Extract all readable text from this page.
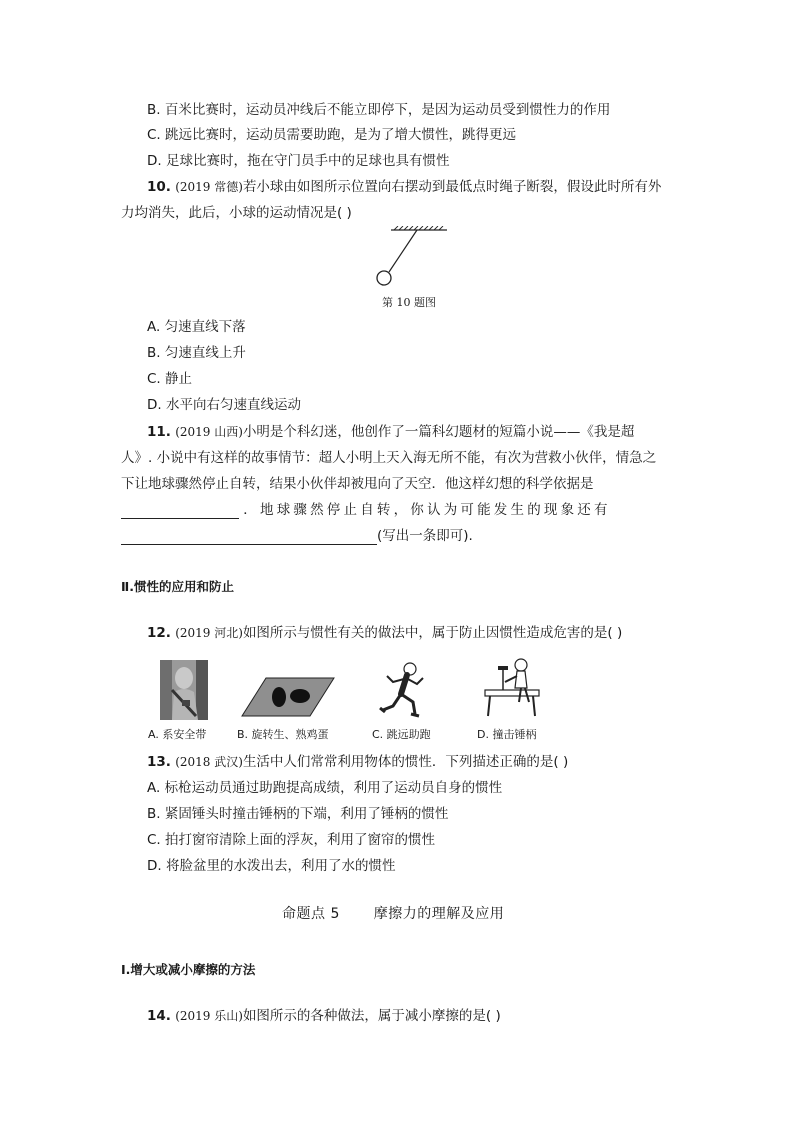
B. 百米比赛时，运动员冲线后不能立即停下，是因为运动员受到惯性力的作用
C. 跳远比赛时，运动员需要助跑，是为了增大惯性，跳得更远
D. 足球比赛时，拖在守门员手中的足球也具有惯性
10. (2019 常德)若小球由如图所示位置向右摆动到最低点时绳子断裂，假设此时所有外
力均消失，此后，小球的运动情况是( )
第 10 题图
A. 匀速直线下落
B. 匀速直线上升
C. 静止
D. 水平向右匀速直线运动
11. (2019 山西)小明是个科幻迷，他创作了一篇科幻题材的短篇小说——《我是超
人》. 小说中有这样的故事情节：超人小明上天入海无所不能，有次为营救小伙伴，情急之
下让地球骤然停止自转，结果小伙伴却被甩向了天空．他这样幻想的科学依据是
．地球骤然停止自转，你认为可能发生的现象还有
(写出一条即可).
Ⅱ.惯性的应用和防止
12. (2019 河北)如图所示与惯性有关的做法中，属于防止因惯性造成危害的是( )
A. 系安全带	B. 旋转生、熟鸡蛋	C. 跳远助跑	D. 撞击锤柄
13. (2018 武汉)生活中人们常常利用物体的惯性．下列描述正确的是( )
A. 标枪运动员通过助跑提高成绩，利用了运动员自身的惯性
B. 紧固锤头时撞击锤柄的下端，利用了锤柄的惯性
C. 拍打窗帘清除上面的浮灰，利用了窗帘的惯性
D. 将脸盆里的水泼出去，利用了水的惯性
命题点 5 摩擦力的理解及应用
Ⅰ.增大或减小摩擦的方法
14. (2019 乐山)如图所示的各种做法，属于减小摩擦的是( )
